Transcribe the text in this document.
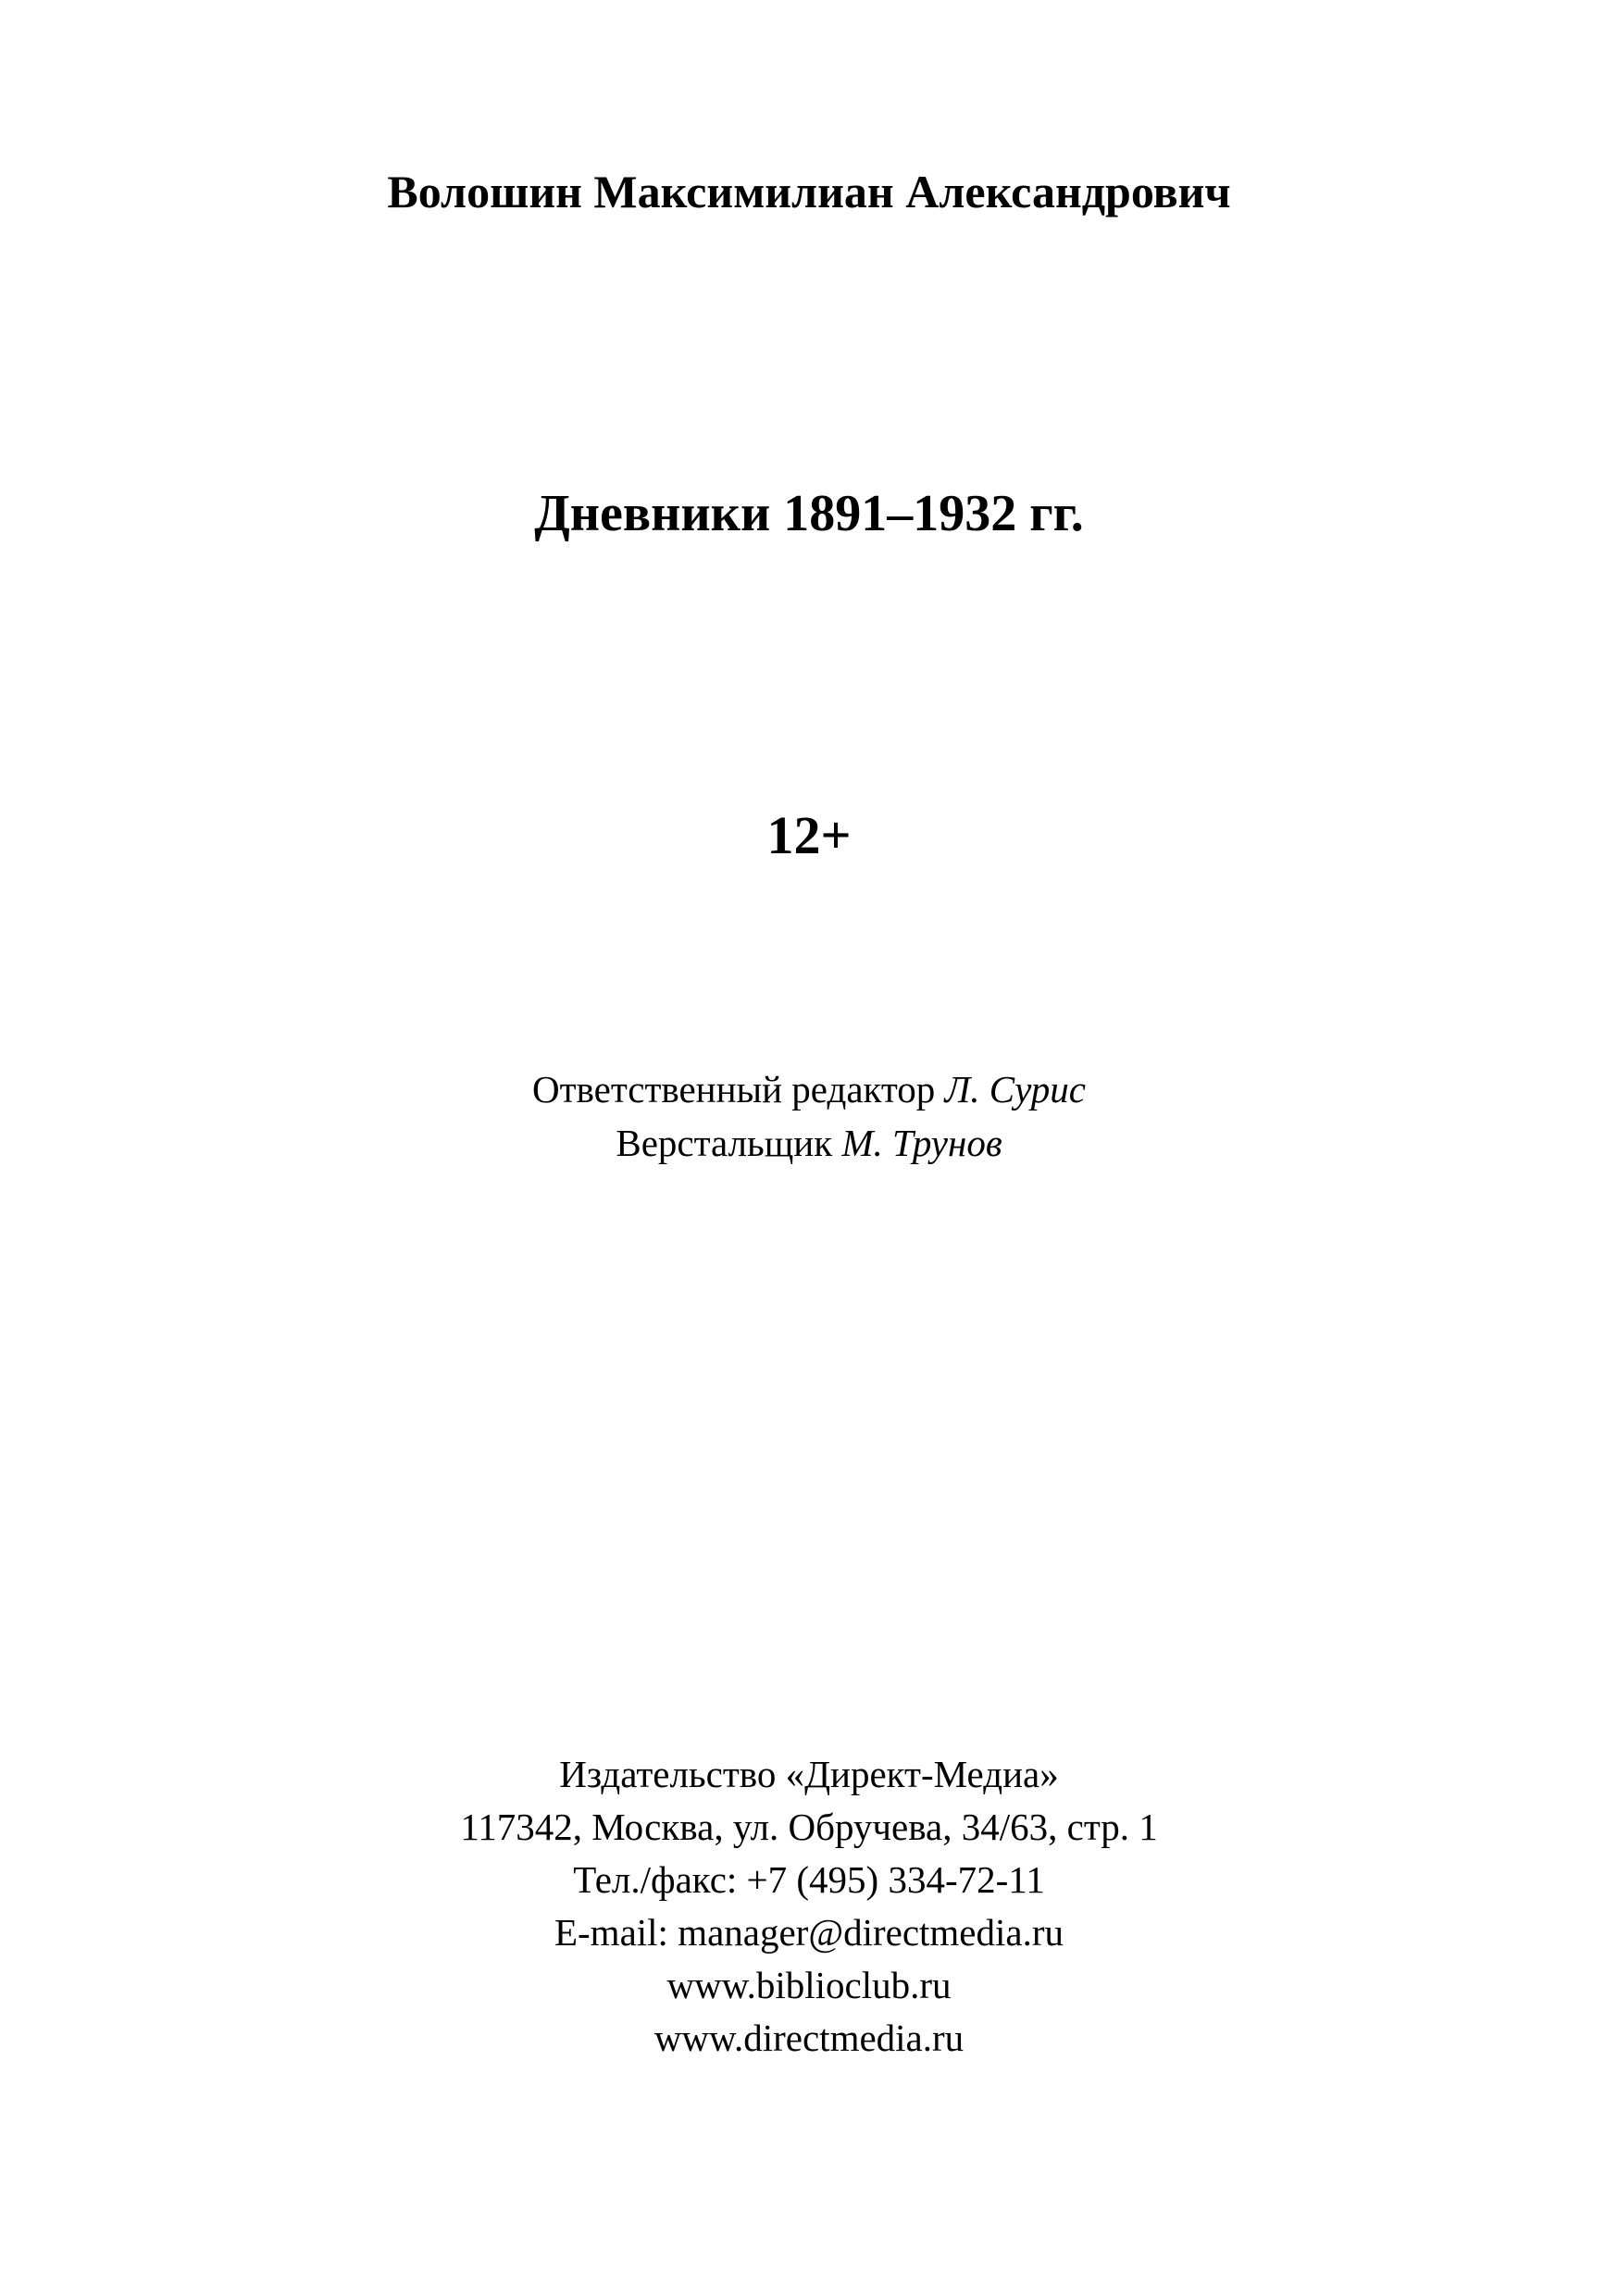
Волошин Максимилиан Александрович
Дневники 1891–1932 гг.
12+
Ответственный редактор Л. Сурис
Верстальщик М. Трунов
Издательство «Директ-Медиа»
117342, Москва, ул. Обручева, 34/63, стр. 1
Тел./факс: +7 (495) 334-72-11
E-mail: manager@directmedia.ru
www.biblioclub.ru
www.directmedia.ru
